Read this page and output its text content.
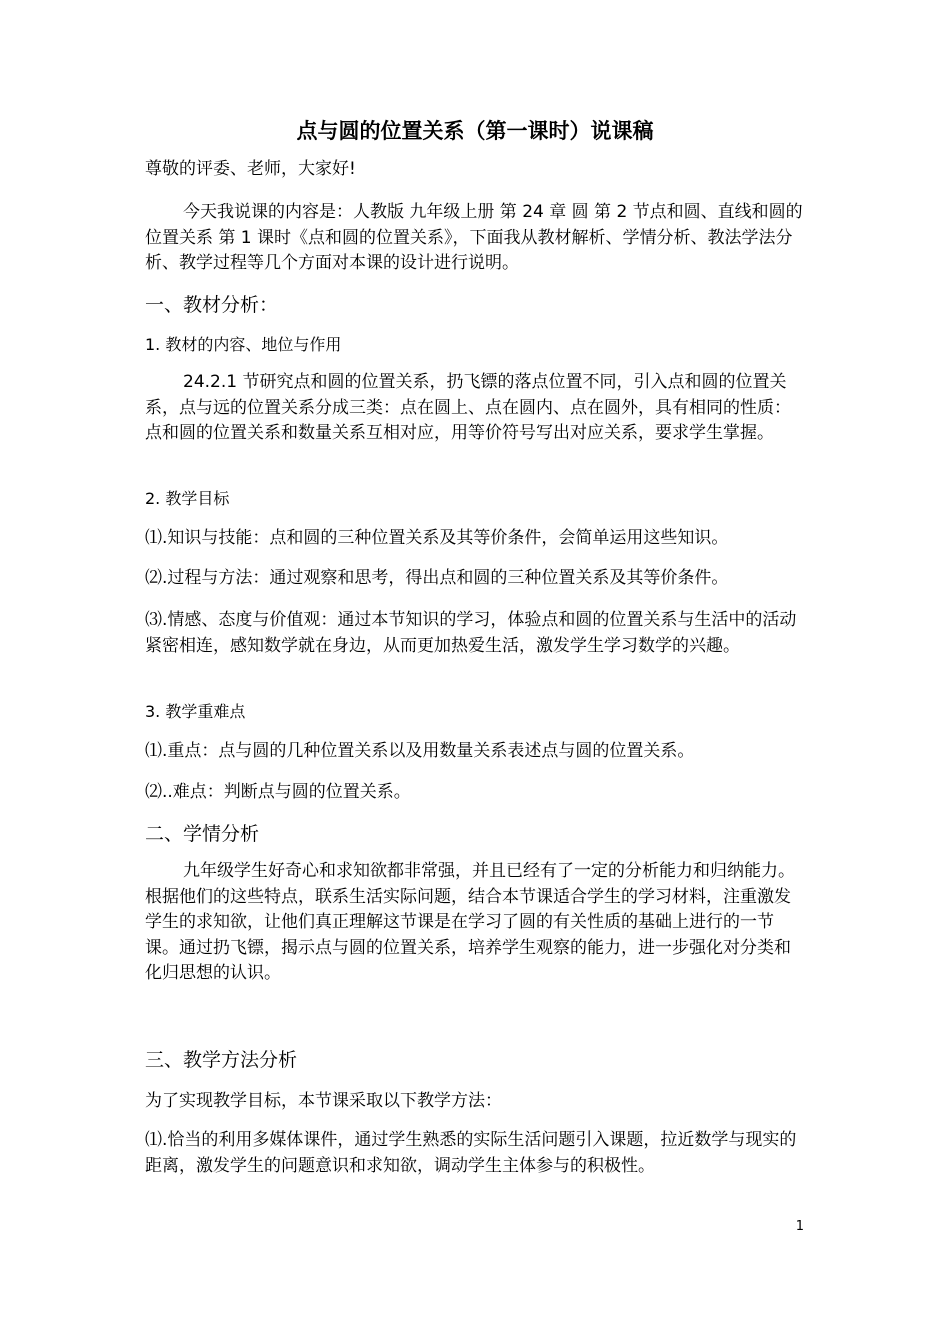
点与圆的位置关系（第一课时）说课稿

尊敬的评委、老师，大家好!

今天我说课的内容是：人教版 九年级上册 第 24 章 圆 第 2 节点和圆、直线和圆的位置关系 第 1 课时《点和圆的位置关系》，下面我从教材解析、学情分析、教法学法分析、教学过程等几个方面对本课的设计进行说明。

一、教材分析：
1. 教材的内容、地位与作用

24.2.1 节研究点和圆的位置关系，扔飞镖的落点位置不同，引入点和圆的位置关系，点与远的位置关系分成三类：点在圆上、点在圆内、点在圆外，具有相同的性质：点和圆的位置关系和数量关系互相对应，用等价符号写出对应关系，要求学生掌握。

2. 教学目标

⑴.知识与技能：点和圆的三种位置关系及其等价条件，会简单运用这些知识。

⑵.过程与方法：通过观察和思考，得出点和圆的三种位置关系及其等价条件。

⑶.情感、态度与价值观：通过本节知识的学习，体验点和圆的位置关系与生活中的活动紧密相连，感知数学就在身边，从而更加热爱生活，激发学生学习数学的兴趣。

3. 教学重难点

⑴.重点：点与圆的几种位置关系以及用数量关系表述点与圆的位置关系。

⑵..难点：判断点与圆的位置关系。

二、学情分析

九年级学生好奇心和求知欲都非常强，并且已经有了一定的分析能力和归纳能力。根据他们的这些特点，联系生活实际问题，结合本节课适合学生的学习材料，注重激发学生的求知欲，让他们真正理解这节课是在学习了圆的有关性质的基础上进行的一节课。通过扔飞镖，揭示点与圆的位置关系，培养学生观察的能力，进一步强化对分类和化归思想的认识。

三、教学方法分析

为了实现教学目标，本节课采取以下教学方法：

⑴.恰当的利用多媒体课件，通过学生熟悉的实际生活问题引入课题，拉近数学与现实的距离，激发学生的问题意识和求知欲，调动学生主体参与的积极性。

1
